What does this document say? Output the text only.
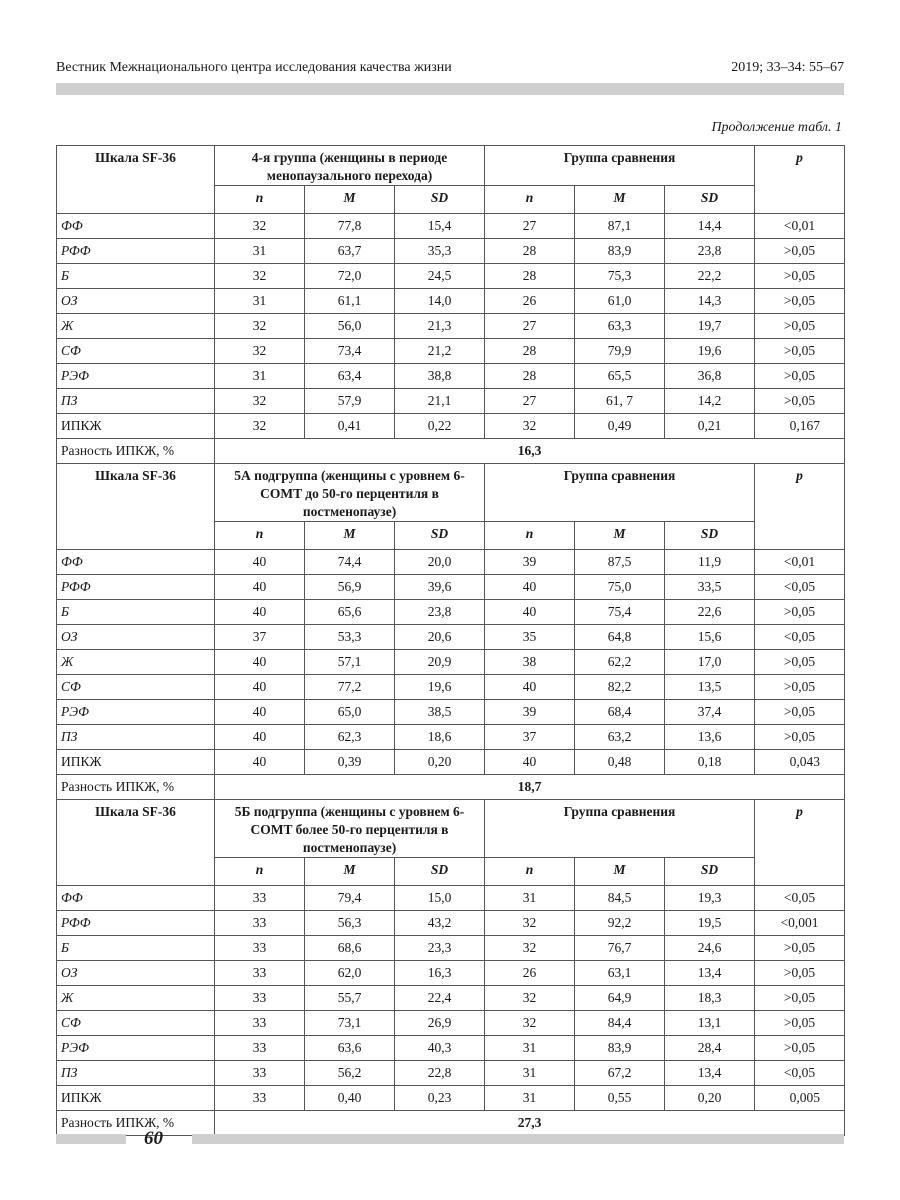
Вестник Межнационального центра исследования качества жизни	2019; 33–34: 55–67
Продолжение табл. 1
Шкала SF-36	4-я группа (женщины в периоде менопаузального перехода)			Группа сравнения			p
	n	M	SD	n	M	SD	
ФФ	32	77,8	15,4	27	87,1	14,4	<0,01
РФФ	31	63,7	35,3	28	83,9	23,8	>0,05
Б	32	72,0	24,5	28	75,3	22,2	>0,05
ОЗ	31	61,1	14,0	26	61,0	14,3	>0,05
Ж	32	56,0	21,3	27	63,3	19,7	>0,05
СФ	32	73,4	21,2	28	79,9	19,6	>0,05
РЭФ	31	63,4	38,8	28	65,5	36,8	>0,05
ПЗ	32	57,9	21,1	27	61, 7	14,2	>0,05
ИПКЖ	32	0,41	0,22	32	0,49	0,21	0,167
Разность ИПКЖ, %	16,3						
Шкала SF-36	5А подгруппа (женщины с уровнем 6-COMT до 50-го перцентиля в постменопаузе)			Группа сравнения			p
	n	M	SD	n	M	SD	
ФФ	40	74,4	20,0	39	87,5	11,9	<0,01
РФФ	40	56,9	39,6	40	75,0	33,5	<0,05
Б	40	65,6	23,8	40	75,4	22,6	>0,05
ОЗ	37	53,3	20,6	35	64,8	15,6	<0,05
Ж	40	57,1	20,9	38	62,2	17,0	>0,05
СФ	40	77,2	19,6	40	82,2	13,5	>0,05
РЭФ	40	65,0	38,5	39	68,4	37,4	>0,05
ПЗ	40	62,3	18,6	37	63,2	13,6	>0,05
ИПКЖ	40	0,39	0,20	40	0,48	0,18	0,043
Разность ИПКЖ, %	18,7						
Шкала SF-36	5Б подгруппа (женщины с уровнем 6-COMT более 50-го перцентиля в постменопаузе)			Группа сравнения			p
	n	M	SD	n	M	SD	
ФФ	33	79,4	15,0	31	84,5	19,3	<0,05
РФФ	33	56,3	43,2	32	92,2	19,5	<0,001
Б	33	68,6	23,3	32	76,7	24,6	>0,05
ОЗ	33	62,0	16,3	26	63,1	13,4	>0,05
Ж	33	55,7	22,4	32	64,9	18,3	>0,05
СФ	33	73,1	26,9	32	84,4	13,1	>0,05
РЭФ	33	63,6	40,3	31	83,9	28,4	>0,05
ПЗ	33	56,2	22,8	31	67,2	13,4	<0,05
ИПКЖ	33	0,40	0,23	31	0,55	0,20	0,005
Разность ИПКЖ, %	27,3						
60
